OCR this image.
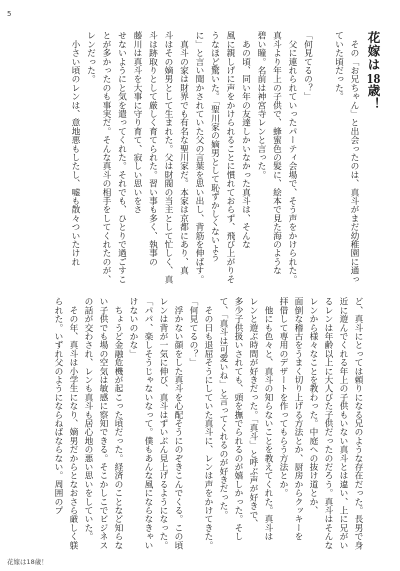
5
花嫁は18歳！
　その「お兄ちゃん」と出会ったのは、真斗がまだ幼稚園に通っ
ていた頃だった。
「何見てるの？」
　父に連れられていったパーティ会場で、そう声をかけられた。
真斗より年上の子供で、蜂蜜色の髪に、絵本で見た海のような
碧い瞳。名前は神宮寺レンと言った。
　あの頃、同い年の友達しかいなかった真斗は、そんな
風に親しげに声をかけられることに慣れておらず、飛び上がりそ
うなほど驚いた。「聖川家の嫡男として恥ずかしくないよう
に」と言い聞かされていた父の言葉を思い出し、背筋を伸ばす。
　真斗の家は財界でも有名な聖川家だ。本家は京都にあり、真
斗はその嫡男として生まれた。父は財閥の当主として忙しく、真
斗は跡取りとして厳しく育てられた。習い事も多く、執事の
藤川は真斗を大事に守り育て、寂しい思いをさ
せないようにと気を遣ってくれた。それでも、ひとりで過ごすこ
とが多かったのも事実だ。そんな真斗の相手をしてくれたのが、
レンだった。
　小さい頃のレンは、意地悪もしたし、嘘も散々ついたけれ
ど、真斗にとっては頼りになる兄のような存在だった。長男で身
近に遊んでくれる年上の子供もいない真斗とは違い、上に兄がい
るレンは年齢以上に大人びた子供だったのだろう。真斗はそんな
レンから様々なことを教わった。中庭への抜け道とか、
面倒な稽古をうまく切り上げる方法とか、厨房からクッキーを
拝借して専用のデザートを作ってもらう方法とか。
　他にも色々と、真斗の知らないことを教えてくれた。真斗は
レンと遊ぶ時間が好きだった。「真斗」と呼ぶ声が好きで、
多少子供扱いされても、頭を撫でられるのが嬉しかった。そし
て、「真斗は可愛いね」と言ってくれるのが好きだった。
　その日も退屈そうにしていた真斗に、レンは声をかけてきた。
「何見てるの？」
　浮かない顔をした真斗を心配そうにのぞきこんでくる。この頃
レンは背が一気に伸び、真斗はずいぶん見上げるようになった。
「パパ、楽しそうじゃないなって。僕もあんな風にならなきゃい
けないのかな」
　ちょうど金融危機が起こった頃だった。経済のことなど知らな
い子供でも場の空気は敏感に察知できる。そこかしこでビジネス
の話が交わされ、レンも真斗も居心地の悪い思いをしていた。
　その年、真斗は小学生になり、嫡男だからとなおさら厳しく躾
られた。いずれ父のようにならねばならない。周囲のプ
花嫁は18歳！
